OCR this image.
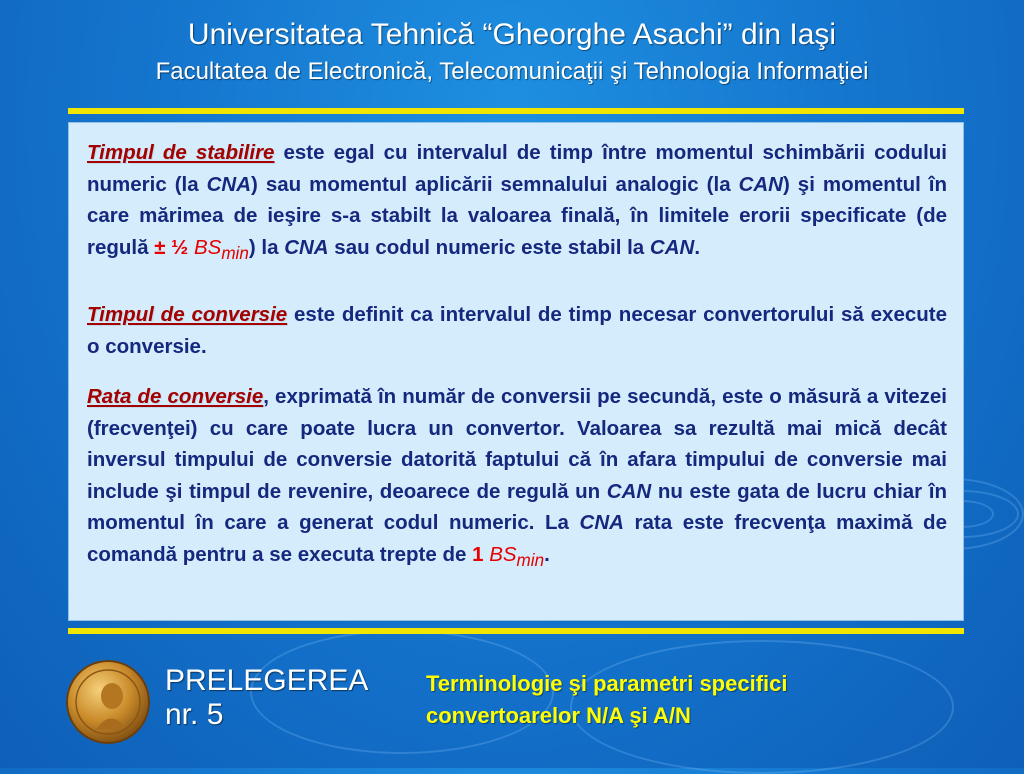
Universitatea Tehnică “Gheorghe Asachi” din Iaşi
Facultatea de Electronică, Telecomunicaţii şi Tehnologia Informaţiei

Timpul de stabilire este egal cu intervalul de timp între momentul schimbării codului numeric (la CNA) sau momentul aplicării semnalului analogic (la CAN) şi momentul în care mărimea de ieşire s-a stabilt la valoarea finală, în limitele erorii specificate (de regulă ± ½ $BS_{min}$) la CNA sau codul numeric este stabil la CAN.

Timpul de conversie este definit ca intervalul de timp necesar convertorului să execute o conversie.

Rata de conversie, exprimată în număr de conversii pe secundă, este o măsură a vitezei (frecvenţei) cu care poate lucra un convertor. Valoarea sa rezultă mai mică decât inversul timpului de conversie datorită faptului că în afara timpului de conversie mai include şi timpul de revenire, deoarece de regulă un CAN nu este gata de lucru chiar în momentul în care a generat codul numeric. La CNA rata este frecvenţa maximă de comandă pentru a se executa trepte de 1 $BS_{min}$.

PRELEGEREA
nr. 5
Terminologie şi parametri specifici
convertoarelor N/A şi A/N
